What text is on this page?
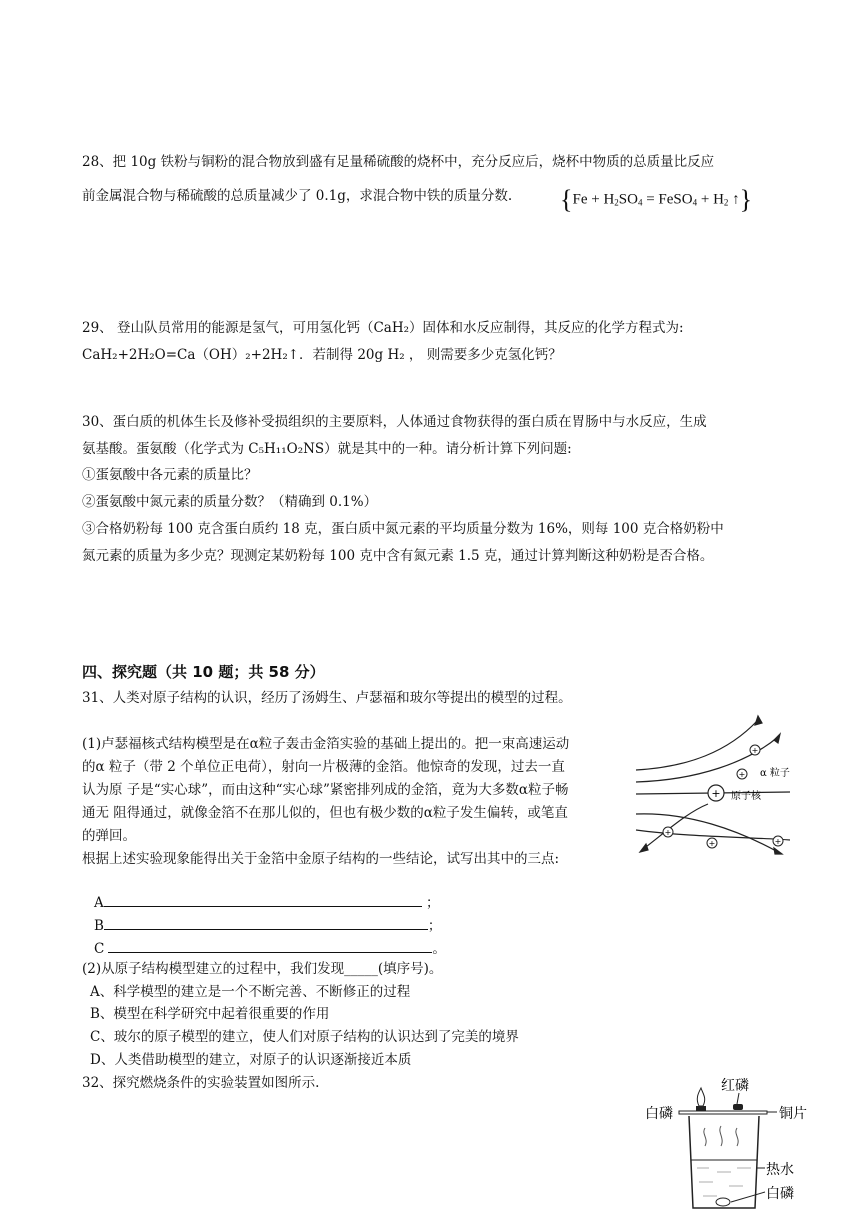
28、把 10g 铁粉与铜粉的混合物放到盛有足量稀硫酸的烧杯中，充分反应后，烧杯中物质的总质量比反应
前金属混合物与稀硫酸的总质量减少了 0.1g，求混合物中铁的质量分数. {$Fe + H_2SO_4$ = FeSO$_4$ + $H_2$ ↑}
29、 登山队员常用的能源是氢气，可用氢化钙（CaH₂）固体和水反应制得，其反应的化学方程式为:
CaH₂+2H₂O=Ca（OH）₂+2H₂↑．若制得 20g H₂ ， 则需要多少克氢化钙？
30、蛋白质的机体生长及修补受损组织的主要原料，人体通过食物获得的蛋白质在胃肠中与水反应，生成
氨基酸。蛋氨酸（化学式为 C₅H₁₁O₂NS）就是其中的一种。请分析计算下列问题:
①蛋氨酸中各元素的质量比？
②蛋氨酸中氮元素的质量分数？（精确到 0.1%）
③合格奶粉每 100 克含蛋白质约 18 克，蛋白质中氮元素的平均质量分数为 16%，则每 100 克合格奶粉中
氮元素的质量为多少克？现测定某奶粉每 100 克中含有氮元素 1.5 克，通过计算判断这种奶粉是否合格。
四、探究题（共 10 题；共 58 分）
31、人类对原子结构的认识，经历了汤姆生、卢瑟福和玻尔等提出的模型的过程。
(1)卢瑟福核式结构模型是在α粒子轰击金箔实验的基础上提出的。把一束高速运动
的α 粒子（带 2 个单位正电荷），射向一片极薄的金箔。他惊奇的发现，过去一直
认为原 子是“实心球”，而由这种“实心球”紧密排列成的金箔，竟为大多数α粒子畅
通无 阻得通过，就像金箔不在那儿似的，但也有极少数的α粒子发生偏转，或笔直
的弹回。
根据上述实验现象能得出关于金箔中金原子结构的一些结论，试写出其中的三点:
+
+
+
+	+
+
α 粒子
原子核
A	；
B	；
C	。
(2)从原子结构模型建立的过程中，我们发现_____(填序号)。
A、科学模型的建立是一个不断完善、不断修正的过程
B、模型在科学研究中起着很重要的作用
C、玻尔的原子模型的建立，使人们对原子结构的认识达到了完美的境界
D、人类借助模型的建立，对原子的认识逐渐接近本质
32、探究燃烧条件的实验装置如图所示.	红磷
白磷	铜片
热水
白磷
